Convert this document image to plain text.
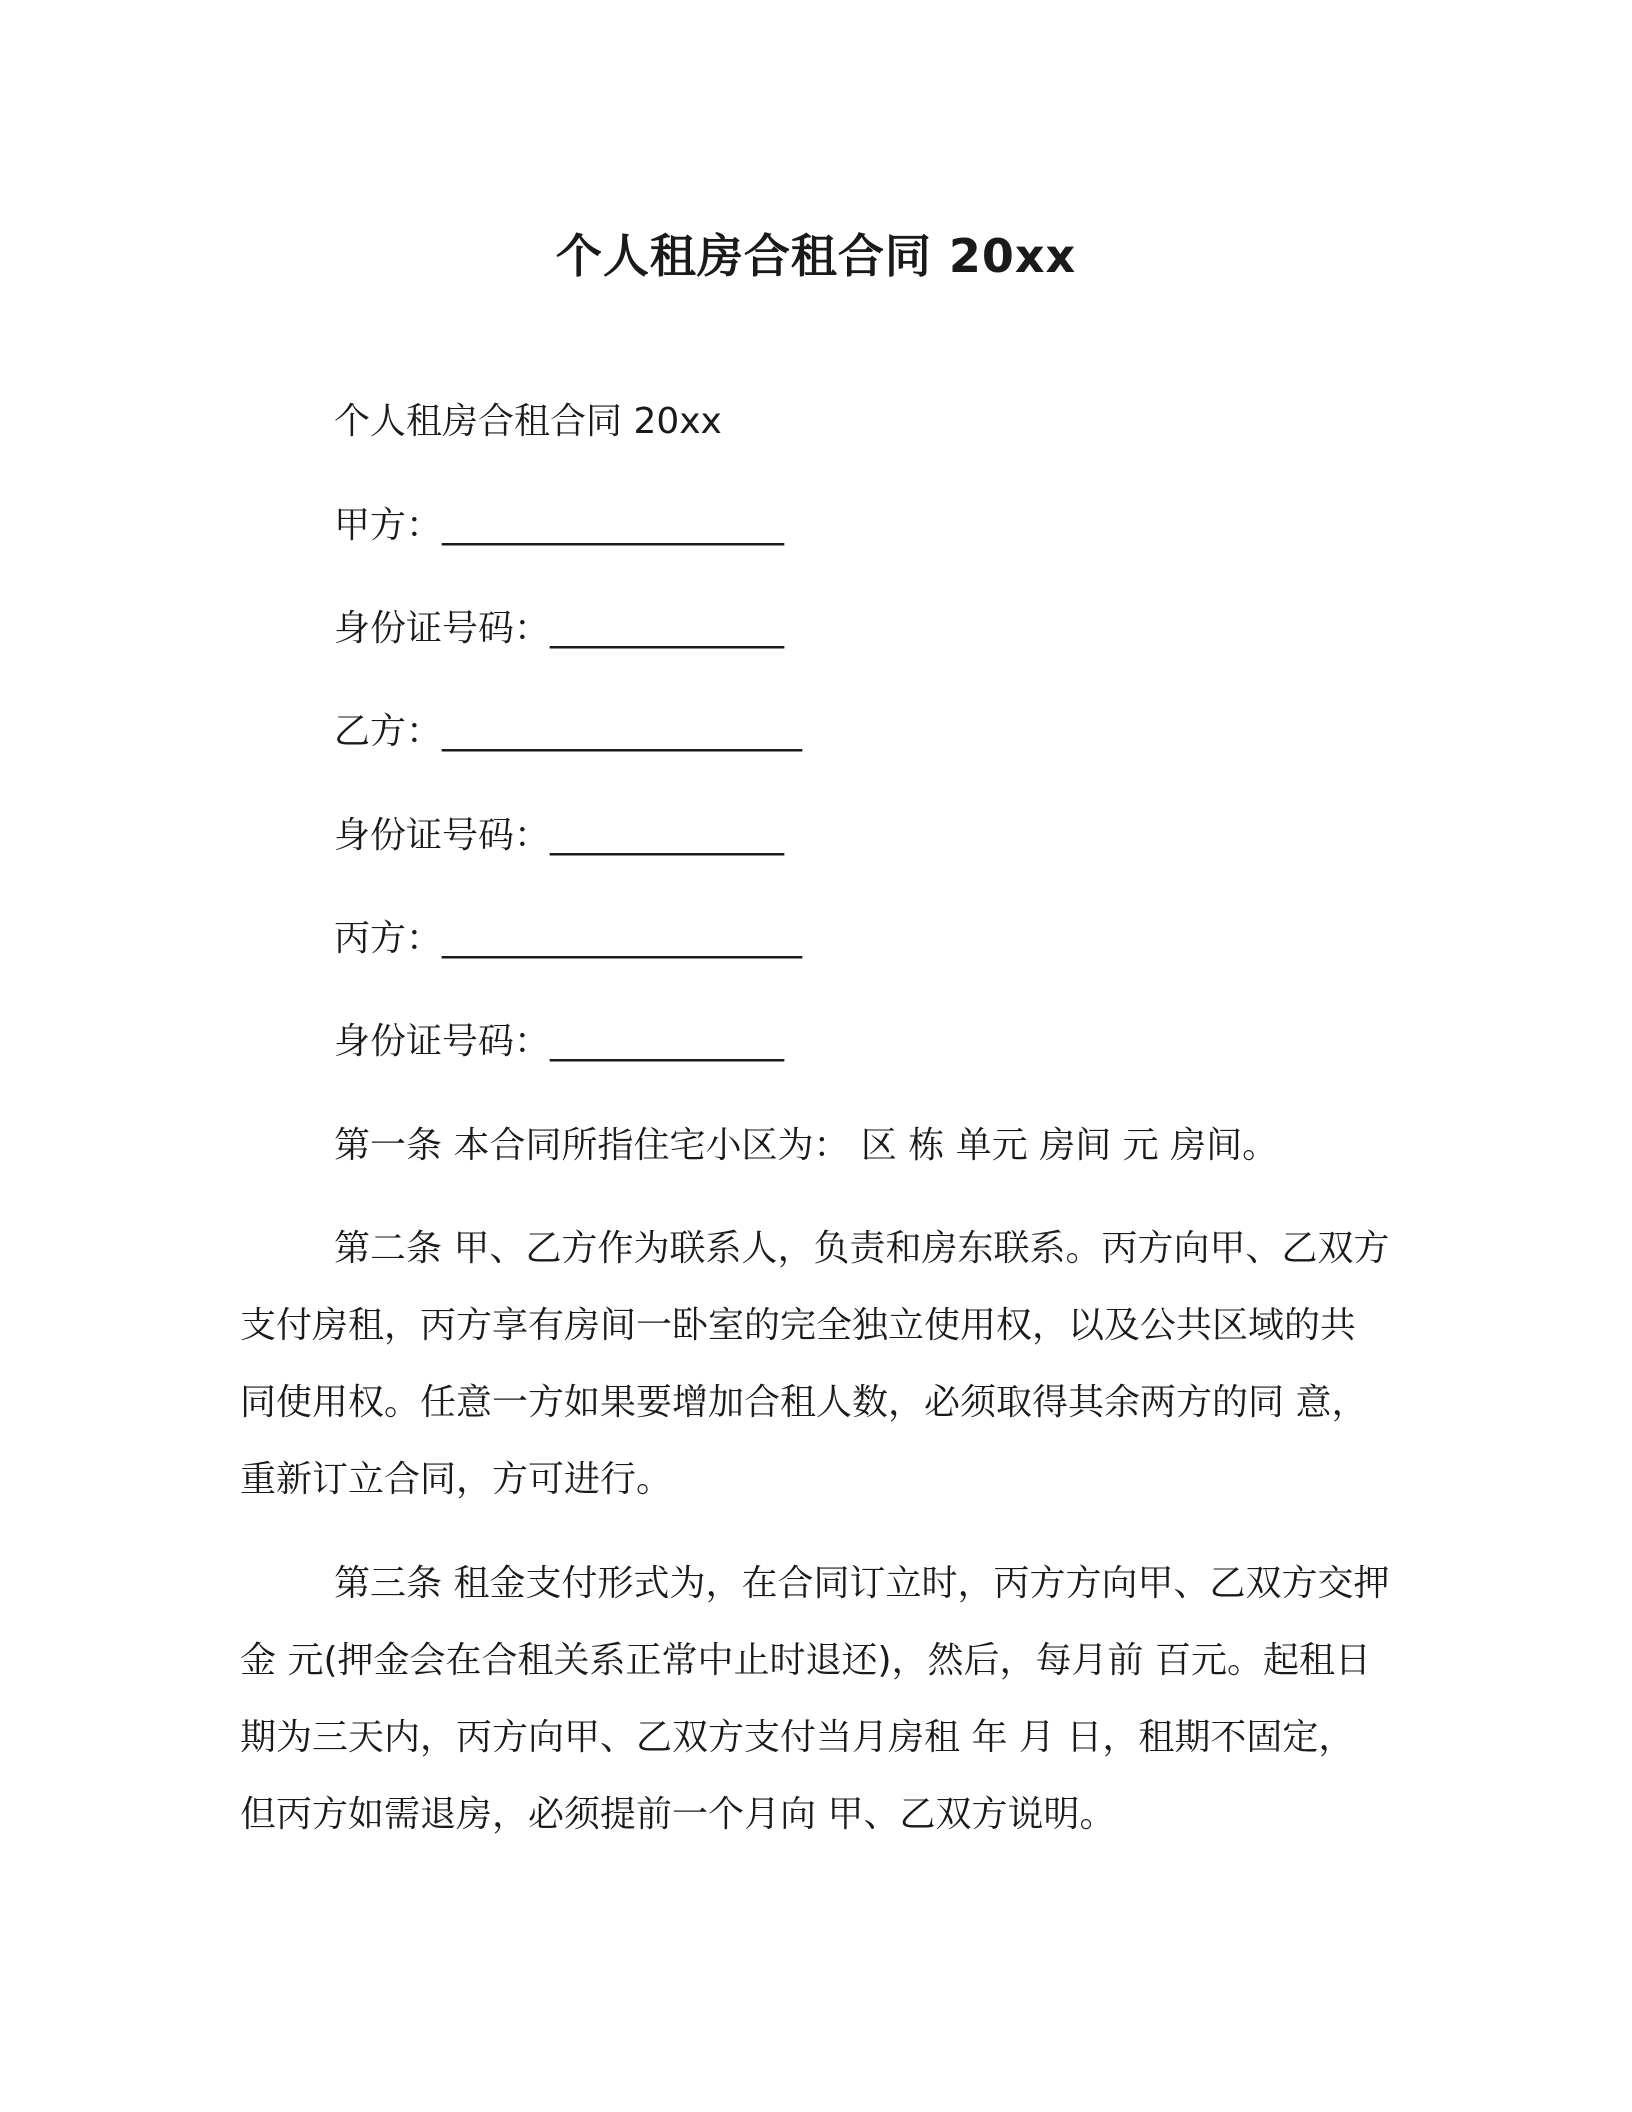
个人租房合租合同 20xx
个人租房合租合同 20xx
甲方：___________________
身份证号码：_____________
乙方：____________________
身份证号码：_____________
丙方：____________________
身份证号码：_____________
第一条 本合同所指住宅小区为： 区 栋 单元 房间 元 房间。
第二条 甲、乙方作为联系人，负责和房东联系。丙方向甲、乙双方 支付房租，丙方享有房间一卧室的完全独立使用权，以及公共区域的共同使用权。任意一方如果要增加合租人数，必须取得其余两方的同 意，重新订立合同，方可进行。
第三条 租金支付形式为，在合同订立时，丙方方向甲、乙双方交押 金 元(押金会在合租关系正常中止时退还)，然后，每月前 百元。起租日期为三天内，丙方向甲、乙双方支付当月房租 年 月 日，租期不固定，但丙方如需退房，必须提前一个月向 甲、乙双方说明。
